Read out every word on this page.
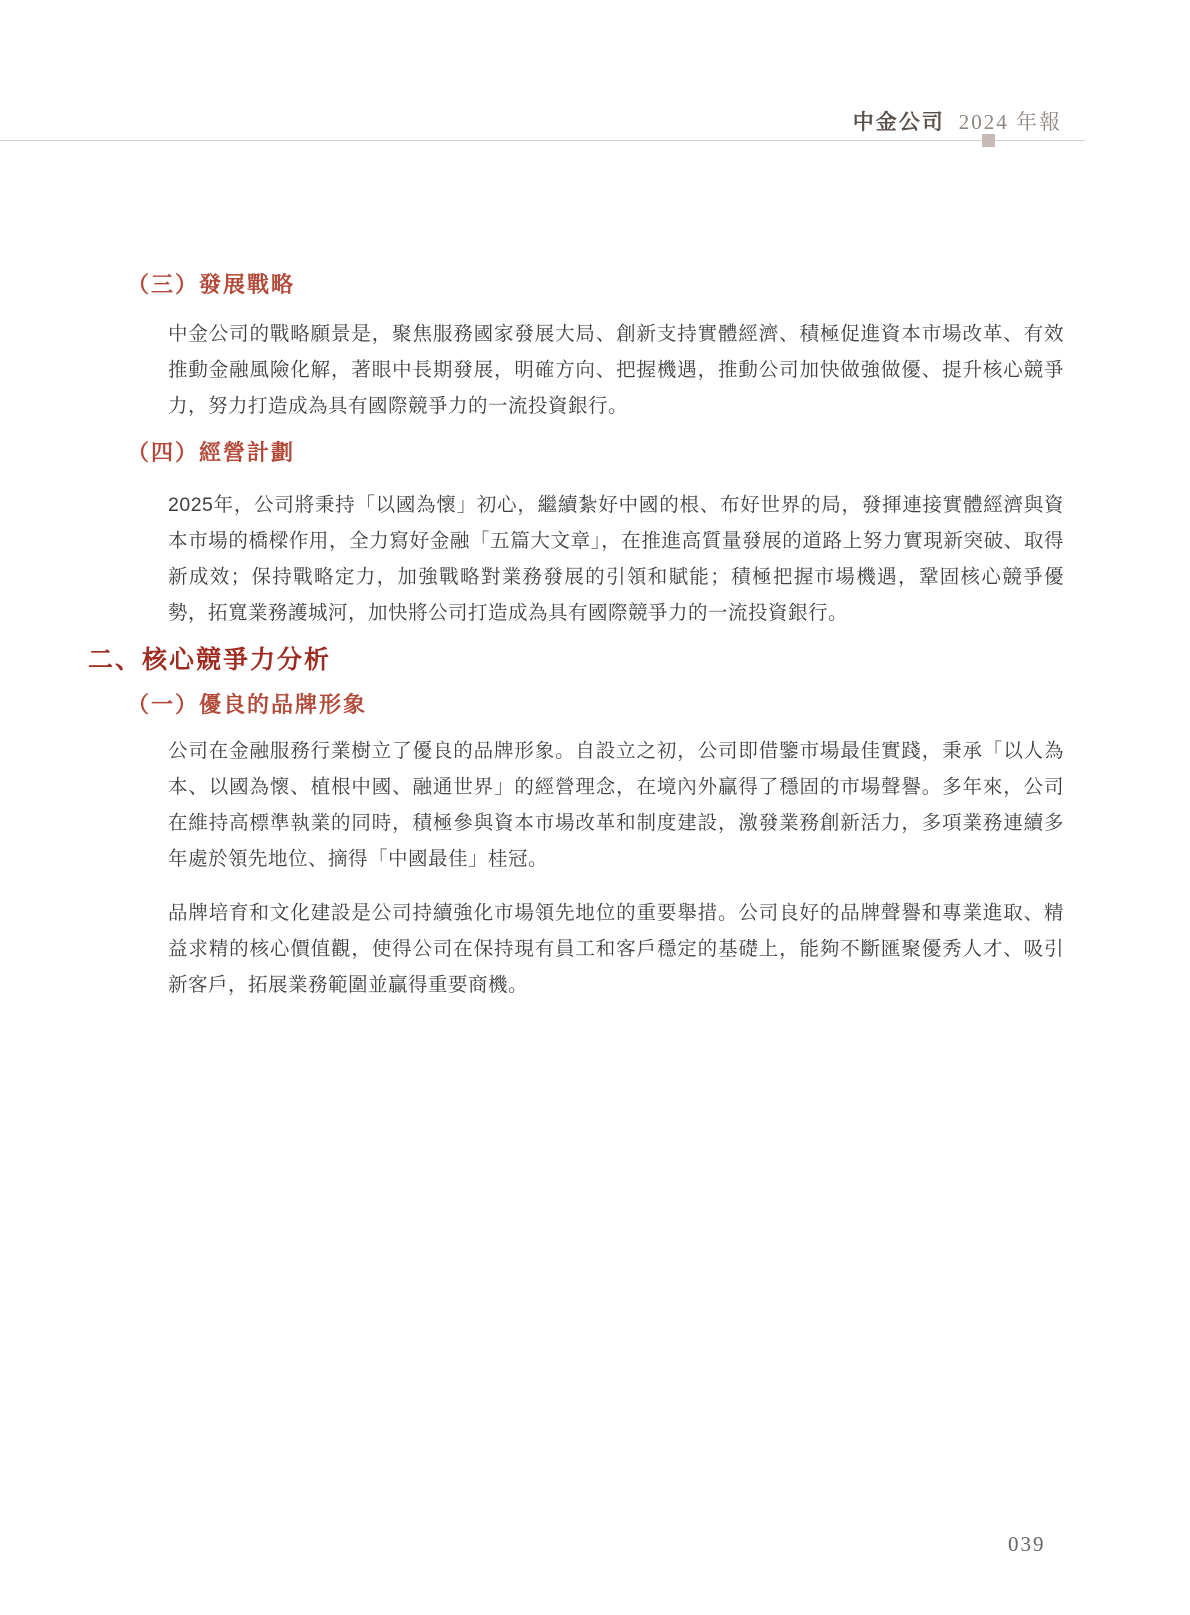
中金公司 2024 年報
（三）發展戰略
中金公司的戰略願景是，聚焦服務國家發展大局、創新支持實體經濟、積極促進資本市場改革、有效推動金融風險化解，著眼中長期發展，明確方向、把握機遇，推動公司加快做強做優、提升核心競爭力，努力打造成為具有國際競爭力的一流投資銀行。
（四）經營計劃
2025年，公司將秉持「以國為懷」初心，繼續紮好中國的根、布好世界的局，發揮連接實體經濟與資本市場的橋樑作用，全力寫好金融「五篇大文章」，在推進高質量發展的道路上努力實現新突破、取得新成效；保持戰略定力，加強戰略對業務發展的引領和賦能；積極把握市場機遇，鞏固核心競爭優勢，拓寬業務護城河，加快將公司打造成為具有國際競爭力的一流投資銀行。
二、核心競爭力分析
（一）優良的品牌形象
公司在金融服務行業樹立了優良的品牌形象。自設立之初，公司即借鑒市場最佳實踐，秉承「以人為本、以國為懷、植根中國、融通世界」的經營理念，在境內外贏得了穩固的市場聲譽。多年來，公司在維持高標準執業的同時，積極參與資本市場改革和制度建設，激發業務創新活力，多項業務連續多年處於領先地位、摘得「中國最佳」桂冠。
品牌培育和文化建設是公司持續強化市場領先地位的重要舉措。公司良好的品牌聲譽和專業進取、精益求精的核心價值觀，使得公司在保持現有員工和客戶穩定的基礎上，能夠不斷匯聚優秀人才、吸引新客戶，拓展業務範圍並贏得重要商機。
039
